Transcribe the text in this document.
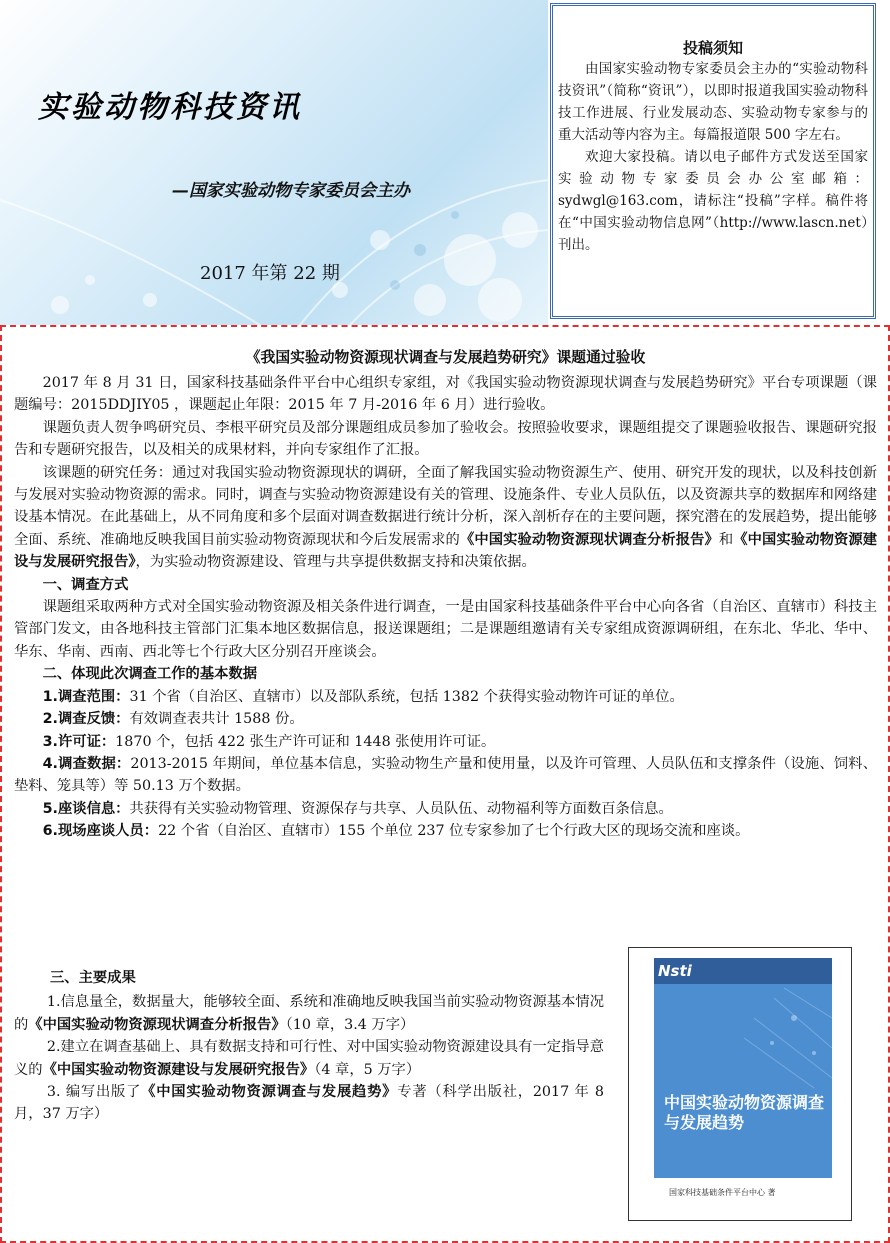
实验动物科技资讯
—国家实验动物专家委员会主办
2017 年第 22 期
投稿须知

由国家实验动物专家委员会主办的“实验动物科技资讯”（简称“资讯”），以即时报道我国实验动物科技工作进展、行业发展动态、实验动物专家参与的重大活动等内容为主。每篇报道限 500 字左右。

欢迎大家投稿。请以电子邮件方式发送至国家实验动物专家委员会办公室邮箱：sydwgl@163.com，请标注“投稿”字样。稿件将在“中国实验动物信息网”（http://www.lascn.net）刊出。

《我国实验动物资源现状调查与发展趋势研究》课题通过验收

2017 年 8 月 31 日，国家科技基础条件平台中心组织专家组，对《我国实验动物资源现状调查与发展趋势研究》平台专项课题（课题编号：2015DDJIY05 ，课题起止年限：2015 年 7 月-2016 年 6 月）进行验收。

课题负责人贺争鸣研究员、李根平研究员及部分课题组成员参加了验收会。按照验收要求，课题组提交了课题验收报告、课题研究报告和专题研究报告，以及相关的成果材料，并向专家组作了汇报。

该课题的研究任务：通过对我国实验动物资源现状的调研，全面了解我国实验动物资源生产、使用、研究开发的现状，以及科技创新与发展对实验动物资源的需求。同时，调查与实验动物资源建设有关的管理、设施条件、专业人员队伍，以及资源共享的数据库和网络建设基本情况。在此基础上，从不同角度和多个层面对调查数据进行统计分析，深入剖析存在的主要问题，探究潜在的发展趋势，提出能够全面、系统、准确地反映我国目前实验动物资源现状和今后发展需求的《中国实验动物资源现状调查分析报告》和《中国实验动物资源建设与发展研究报告》，为实验动物资源建设、管理与共享提供数据支持和决策依据。

一、调查方式

课题组采取两种方式对全国实验动物资源及相关条件进行调查，一是由国家科技基础条件平台中心向各省（自治区、直辖市）科技主管部门发文，由各地科技主管部门汇集本地区数据信息，报送课题组；二是课题组邀请有关专家组成资源调研组，在东北、华北、华中、华东、华南、西南、西北等七个行政大区分别召开座谈会。

二、体现此次调查工作的基本数据

1.调查范围：31 个省（自治区、直辖市）以及部队系统，包括 1382 个获得实验动物许可证的单位。

2.调查反馈：有效调查表共计 1588 份。

3.许可证：1870 个，包括 422 张生产许可证和 1448 张使用许可证。

4.调查数据：2013-2015 年期间，单位基本信息，实验动物生产量和使用量，以及许可管理、人员队伍和支撑条件（设施、饲料、垫料、笼具等）等 50.13 万个数据。

5.座谈信息：共获得有关实验动物管理、资源保存与共享、人员队伍、动物福利等方面数百条信息。

6.现场座谈人员：22 个省（自治区、直辖市）155 个单位 237 位专家参加了七个行政大区的现场交流和座谈。

三、主要成果

1.信息量全，数据量大，能够较全面、系统和准确地反映我国当前实验动物资源基本情况的《中国实验动物资源现状调查分析报告》（10 章，3.4 万字）

2.建立在调查基础上、具有数据支持和可行性、对中国实验动物资源建设具有一定指导意义的《中国实验动物资源建设与发展研究报告》（4 章，5 万字）

3. 编写出版了《中国实验动物资源调查与发展趋势》专著（科学出版社，2017 年 8 月，37 万字）

Nsti
中国实验动物资源调查与发展趋势
国家科技基础条件平台中心 著
